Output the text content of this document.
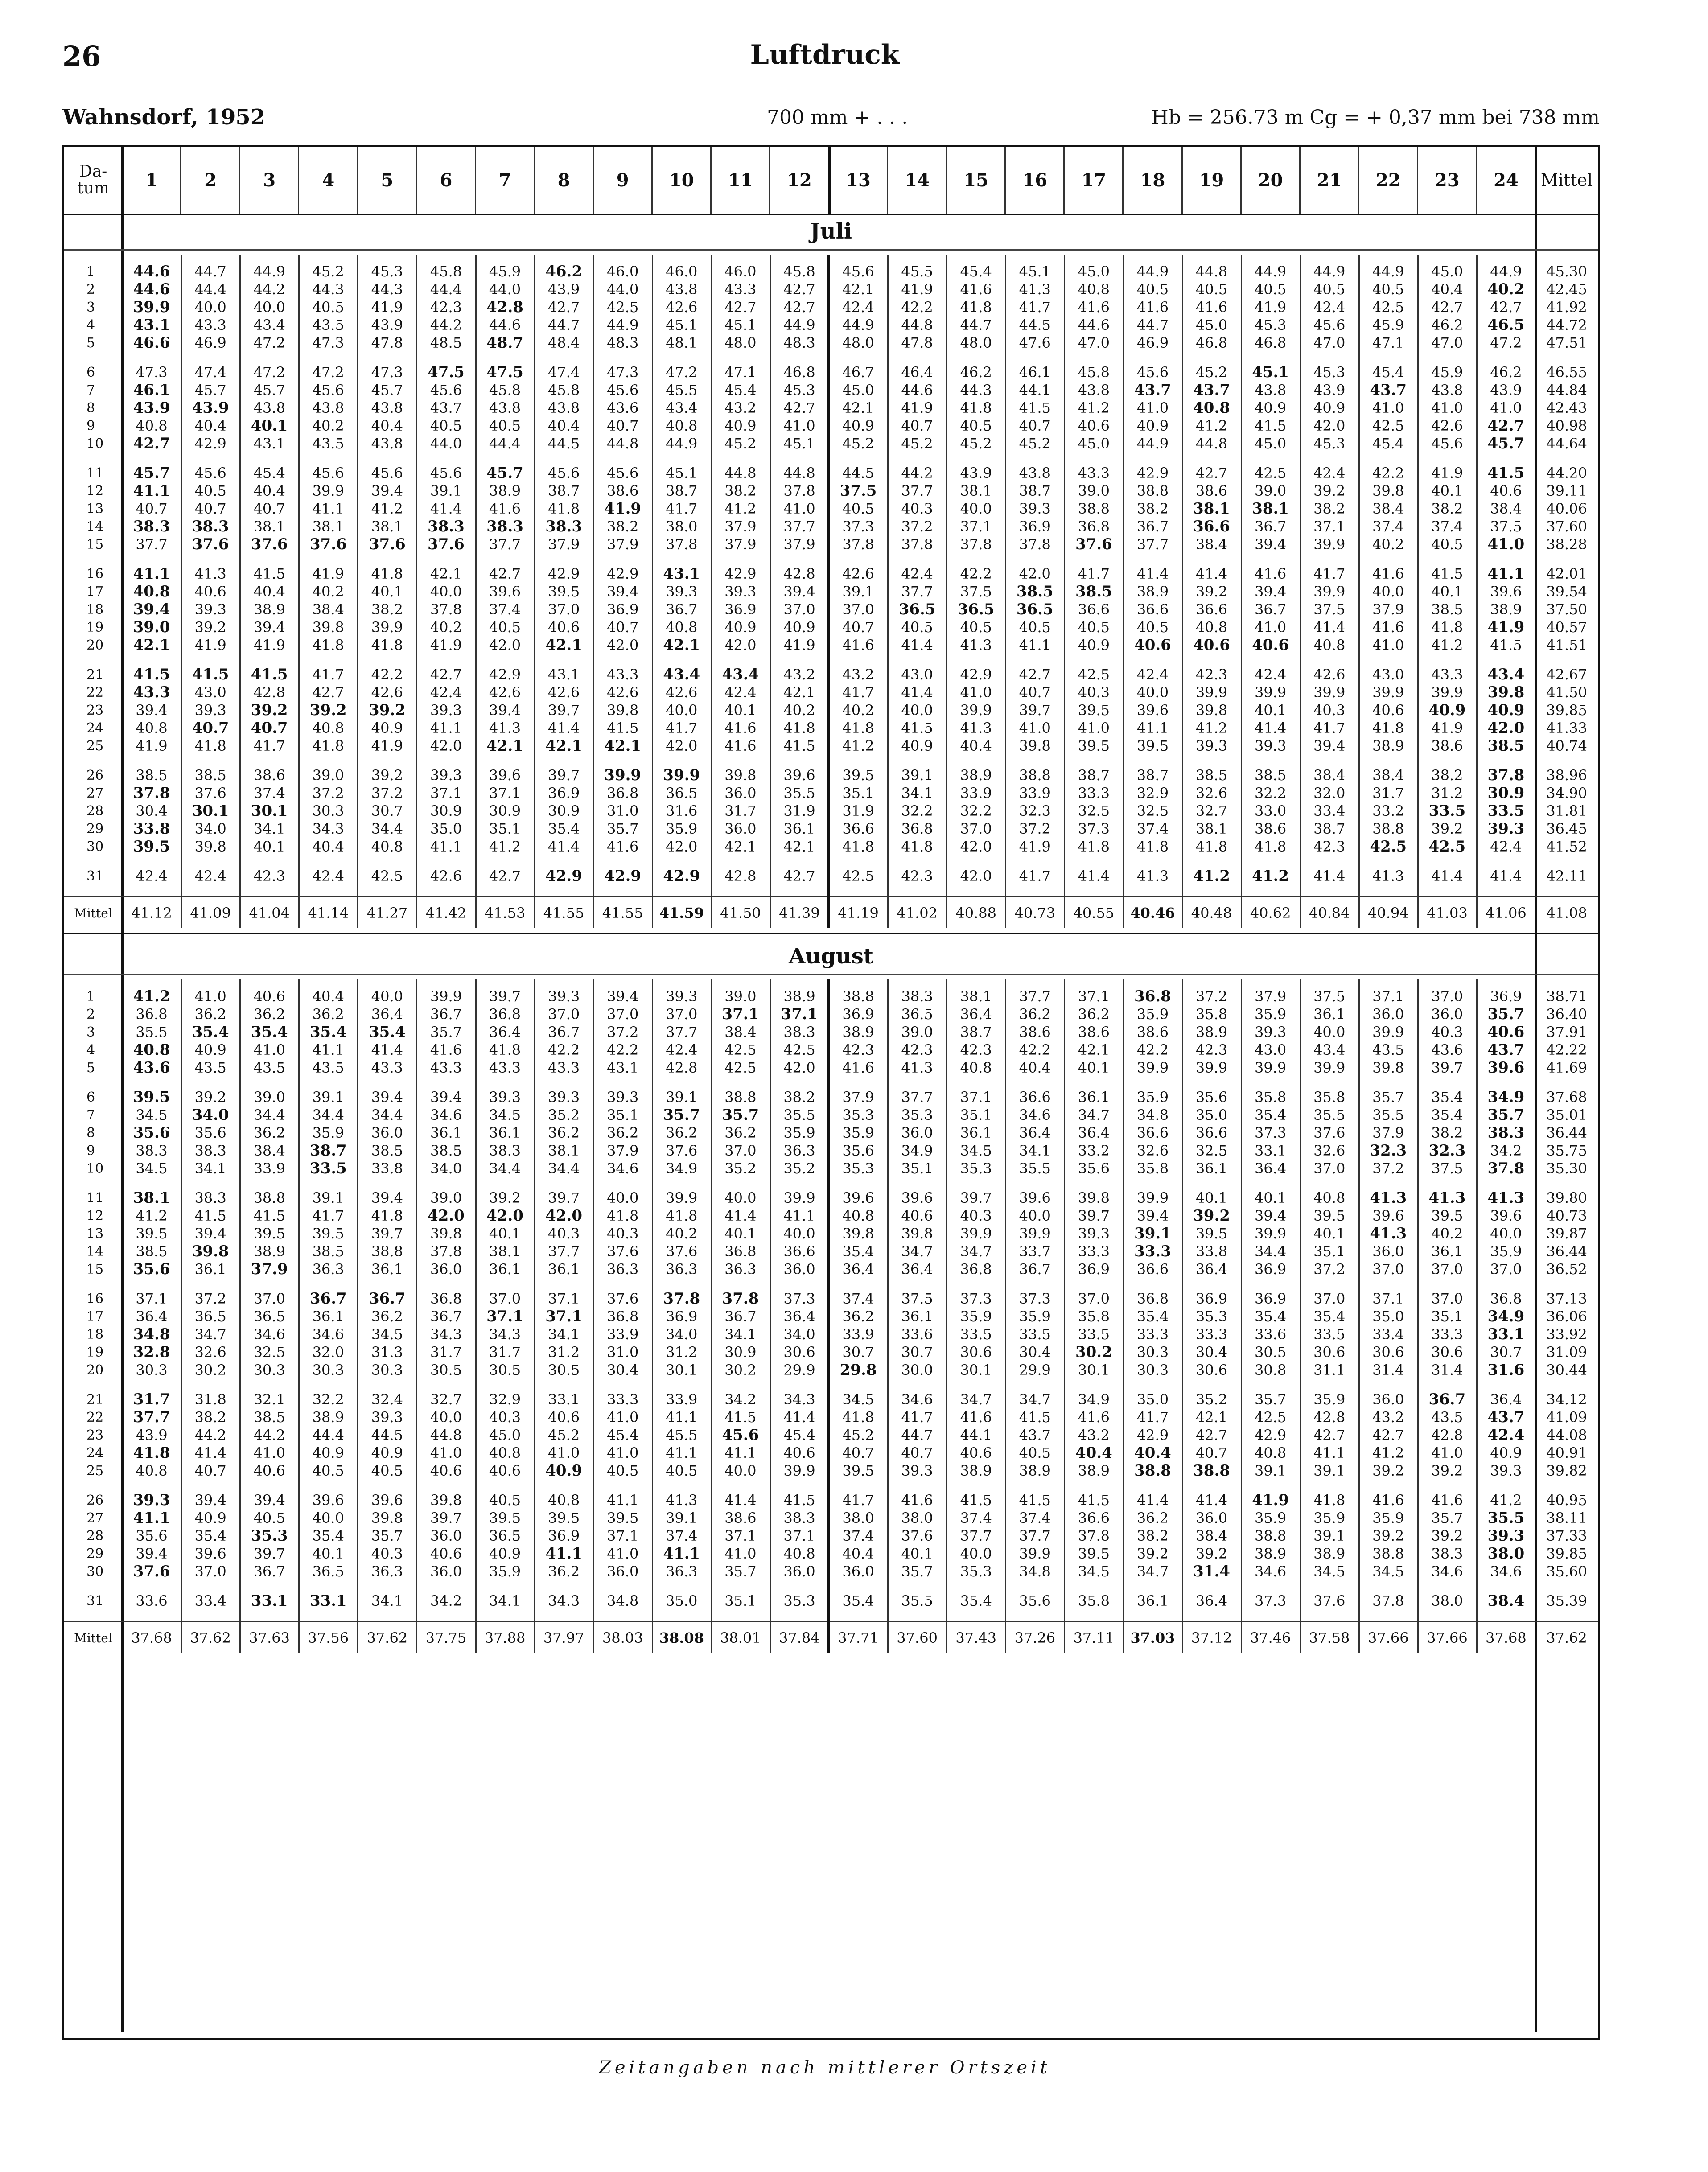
26	Luftdruck
Wahnsdorf, 1952	700 mm + . . .	Hb = 256.73 m Cg = + 0,37 mm bei 738 mm
Da-tum	1	2	3	4	5	6	7	8	9	10	11	12	13	14	15	16	17	18	19	20	21	22	23	24	Mittel
Juli
1	44.6	44.7	44.9	45.2	45.3	45.8	45.9	46.2	46.0	46.0	46.0	45.8	45.6	45.5	45.4	45.1	45.0	44.9	44.8	44.9	44.9	44.9	45.0	44.9	45.30
2	44.6	44.4	44.2	44.3	44.3	44.4	44.0	43.9	44.0	43.8	43.3	42.7	42.1	41.9	41.6	41.3	40.8	40.5	40.5	40.5	40.5	40.5	40.4	40.2	42.45
3	39.9	40.0	40.0	40.5	41.9	42.3	42.8	42.7	42.5	42.6	42.7	42.7	42.4	42.2	41.8	41.7	41.6	41.6	41.6	41.9	42.4	42.5	42.7	42.7	41.92
4	43.1	43.3	43.4	43.5	43.9	44.2	44.6	44.7	44.9	45.1	45.1	44.9	44.9	44.8	44.7	44.5	44.6	44.7	45.0	45.3	45.6	45.9	46.2	46.5	44.72
5	46.6	46.9	47.2	47.3	47.8	48.5	48.7	48.4	48.3	48.1	48.0	48.3	48.0	47.8	48.0	47.6	47.0	46.9	46.8	46.8	47.0	47.1	47.0	47.2	47.51
6	47.3	47.4	47.2	47.2	47.3	47.5	47.5	47.4	47.3	47.2	47.1	46.8	46.7	46.4	46.2	46.1	45.8	45.6	45.2	45.1	45.3	45.4	45.9	46.2	46.55
7	46.1	45.7	45.7	45.6	45.7	45.6	45.8	45.8	45.6	45.5	45.4	45.3	45.0	44.6	44.3	44.1	43.8	43.7	43.7	43.8	43.9	43.7	43.8	43.9	44.84
8	43.9	43.9	43.8	43.8	43.8	43.7	43.8	43.8	43.6	43.4	43.2	42.7	42.1	41.9	41.8	41.5	41.2	41.0	40.8	40.9	40.9	41.0	41.0	41.0	42.43
9	40.8	40.4	40.1	40.2	40.4	40.5	40.5	40.4	40.7	40.8	40.9	41.0	40.9	40.7	40.5	40.7	40.6	40.9	41.2	41.5	42.0	42.5	42.6	42.7	40.98
10	42.7	42.9	43.1	43.5	43.8	44.0	44.4	44.5	44.8	44.9	45.2	45.1	45.2	45.2	45.2	45.2	45.0	44.9	44.8	45.0	45.3	45.4	45.6	45.7	44.64
11	45.7	45.6	45.4	45.6	45.6	45.6	45.7	45.6	45.6	45.1	44.8	44.8	44.5	44.2	43.9	43.8	43.3	42.9	42.7	42.5	42.4	42.2	41.9	41.5	44.20
12	41.1	40.5	40.4	39.9	39.4	39.1	38.9	38.7	38.6	38.7	38.2	37.8	37.5	37.7	38.1	38.7	39.0	38.8	38.6	39.0	39.2	39.8	40.1	40.6	39.11
13	40.7	40.7	40.7	41.1	41.2	41.4	41.6	41.8	41.9	41.7	41.2	41.0	40.5	40.3	40.0	39.3	38.8	38.2	38.1	38.1	38.2	38.4	38.2	38.4	40.06
14	38.3	38.3	38.1	38.1	38.1	38.3	38.3	38.3	38.2	38.0	37.9	37.7	37.3	37.2	37.1	36.9	36.8	36.7	36.6	36.7	37.1	37.4	37.4	37.5	37.60
15	37.7	37.6	37.6	37.6	37.6	37.6	37.7	37.9	37.9	37.8	37.9	37.9	37.8	37.8	37.8	37.8	37.6	37.7	38.4	39.4	39.9	40.2	40.5	41.0	38.28
16	41.1	41.3	41.5	41.9	41.8	42.1	42.7	42.9	42.9	43.1	42.9	42.8	42.6	42.4	42.2	42.0	41.7	41.4	41.4	41.6	41.7	41.6	41.5	41.1	42.01
17	40.8	40.6	40.4	40.2	40.1	40.0	39.6	39.5	39.4	39.3	39.3	39.4	39.1	37.7	37.5	38.5	38.5	38.9	39.2	39.4	39.9	40.0	40.1	39.6	39.54
18	39.4	39.3	38.9	38.4	38.2	37.8	37.4	37.0	36.9	36.7	36.9	37.0	37.0	36.5	36.5	36.5	36.6	36.6	36.6	36.7	37.5	37.9	38.5	38.9	37.50
19	39.0	39.2	39.4	39.8	39.9	40.2	40.5	40.6	40.7	40.8	40.9	40.9	40.7	40.5	40.5	40.5	40.5	40.5	40.8	41.0	41.4	41.6	41.8	41.9	40.57
20	42.1	41.9	41.9	41.8	41.8	41.9	42.0	42.1	42.0	42.1	42.0	41.9	41.6	41.4	41.3	41.1	40.9	40.6	40.6	40.6	40.8	41.0	41.2	41.5	41.51
21	41.5	41.5	41.5	41.7	42.2	42.7	42.9	43.1	43.3	43.4	43.4	43.2	43.2	43.0	42.9	42.7	42.5	42.4	42.3	42.4	42.6	43.0	43.3	43.4	42.67
22	43.3	43.0	42.8	42.7	42.6	42.4	42.6	42.6	42.6	42.6	42.4	42.1	41.7	41.4	41.0	40.7	40.3	40.0	39.9	39.9	39.9	39.9	39.9	39.8	41.50
23	39.4	39.3	39.2	39.2	39.2	39.3	39.4	39.7	39.8	40.0	40.1	40.2	40.2	40.0	39.9	39.7	39.5	39.6	39.8	40.1	40.3	40.6	40.9	40.9	39.85
24	40.8	40.7	40.7	40.8	40.9	41.1	41.3	41.4	41.5	41.7	41.6	41.8	41.8	41.5	41.3	41.0	41.0	41.1	41.2	41.4	41.7	41.8	41.9	42.0	41.33
25	41.9	41.8	41.7	41.8	41.9	42.0	42.1	42.1	42.1	42.0	41.6	41.5	41.2	40.9	40.4	39.8	39.5	39.5	39.3	39.3	39.4	38.9	38.6	38.5	40.74
26	38.5	38.5	38.6	39.0	39.2	39.3	39.6	39.7	39.9	39.9	39.8	39.6	39.5	39.1	38.9	38.8	38.7	38.7	38.5	38.5	38.4	38.4	38.2	37.8	38.96
27	37.8	37.6	37.4	37.2	37.2	37.1	37.1	36.9	36.8	36.5	36.0	35.5	35.1	34.1	33.9	33.9	33.3	32.9	32.6	32.2	32.0	31.7	31.2	30.9	34.90
28	30.4	30.1	30.1	30.3	30.7	30.9	30.9	30.9	31.0	31.6	31.7	31.9	31.9	32.2	32.2	32.3	32.5	32.5	32.7	33.0	33.4	33.2	33.5	33.5	31.81
29	33.8	34.0	34.1	34.3	34.4	35.0	35.1	35.4	35.7	35.9	36.0	36.1	36.6	36.8	37.0	37.2	37.3	37.4	38.1	38.6	38.7	38.8	39.2	39.3	36.45
30	39.5	39.8	40.1	40.4	40.8	41.1	41.2	41.4	41.6	42.0	42.1	42.1	41.8	41.8	42.0	41.9	41.8	41.8	41.8	41.8	42.3	42.5	42.5	42.4	41.52
31	42.4	42.4	42.3	42.4	42.5	42.6	42.7	42.9	42.9	42.9	42.8	42.7	42.5	42.3	42.0	41.7	41.4	41.3	41.2	41.2	41.4	41.3	41.4	41.4	42.11
Mittel	41.12	41.09	41.04	41.14	41.27	41.42	41.53	41.55	41.55	41.59	41.50	41.39	41.19	41.02	40.88	40.73	40.55	40.46	40.48	40.62	40.84	40.94	41.03	41.06	41.08
August
1	41.2	41.0	40.6	40.4	40.0	39.9	39.7	39.3	39.4	39.3	39.0	38.9	38.8	38.3	38.1	37.7	37.1	36.8	37.2	37.9	37.5	37.1	37.0	36.9	38.71
2	36.8	36.2	36.2	36.2	36.4	36.7	36.8	37.0	37.0	37.0	37.1	37.1	36.9	36.5	36.4	36.2	36.2	35.9	35.8	35.9	36.1	36.0	36.0	35.7	36.40
3	35.5	35.4	35.4	35.4	35.4	35.7	36.4	36.7	37.2	37.7	38.4	38.3	38.9	39.0	38.7	38.6	38.6	38.6	38.9	39.3	40.0	39.9	40.3	40.6	37.91
4	40.8	40.9	41.0	41.1	41.4	41.6	41.8	42.2	42.2	42.4	42.5	42.5	42.3	42.3	42.3	42.2	42.1	42.2	42.3	43.0	43.4	43.5	43.6	43.7	42.22
5	43.6	43.5	43.5	43.5	43.3	43.3	43.3	43.3	43.1	42.8	42.5	42.0	41.6	41.3	40.8	40.4	40.1	39.9	39.9	39.9	39.9	39.8	39.7	39.6	41.69
6	39.5	39.2	39.0	39.1	39.4	39.4	39.3	39.3	39.3	39.1	38.8	38.2	37.9	37.7	37.1	36.6	36.1	35.9	35.6	35.8	35.8	35.7	35.4	34.9	37.68
7	34.5	34.0	34.4	34.4	34.4	34.6	34.5	35.2	35.1	35.7	35.7	35.5	35.3	35.3	35.1	34.6	34.7	34.8	35.0	35.4	35.5	35.5	35.4	35.7	35.01
8	35.6	35.6	36.2	35.9	36.0	36.1	36.1	36.2	36.2	36.2	36.2	35.9	35.9	36.0	36.1	36.4	36.4	36.6	36.6	37.3	37.6	37.9	38.2	38.3	36.44
9	38.3	38.3	38.4	38.7	38.5	38.5	38.3	38.1	37.9	37.6	37.0	36.3	35.6	34.9	34.5	34.1	33.2	32.6	32.5	33.1	32.6	32.3	32.3	34.2	35.75
10	34.5	34.1	33.9	33.5	33.8	34.0	34.4	34.4	34.6	34.9	35.2	35.2	35.3	35.1	35.3	35.5	35.6	35.8	36.1	36.4	37.0	37.2	37.5	37.8	35.30
11	38.1	38.3	38.8	39.1	39.4	39.0	39.2	39.7	40.0	39.9	40.0	39.9	39.6	39.6	39.7	39.6	39.8	39.9	40.1	40.1	40.8	41.3	41.3	41.3	39.80
12	41.2	41.5	41.5	41.7	41.8	42.0	42.0	42.0	41.8	41.8	41.4	41.1	40.8	40.6	40.3	40.0	39.7	39.4	39.2	39.4	39.5	39.6	39.5	39.6	40.73
13	39.5	39.4	39.5	39.5	39.7	39.8	40.1	40.3	40.3	40.2	40.1	40.0	39.8	39.8	39.9	39.9	39.3	39.1	39.5	39.9	40.1	41.3	40.2	40.0	39.87
14	38.5	39.8	38.9	38.5	38.8	37.8	38.1	37.7	37.6	37.6	36.8	36.6	35.4	34.7	34.7	33.7	33.3	33.3	33.8	34.4	35.1	36.0	36.1	35.9	36.44
15	35.6	36.1	37.9	36.3	36.1	36.0	36.1	36.1	36.3	36.3	36.3	36.0	36.4	36.4	36.8	36.7	36.9	36.6	36.4	36.9	37.2	37.0	37.0	37.0	36.52
16	37.1	37.2	37.0	36.7	36.7	36.8	37.0	37.1	37.6	37.8	37.8	37.3	37.4	37.5	37.3	37.3	37.0	36.8	36.9	36.9	37.0	37.1	37.0	36.8	37.13
17	36.4	36.5	36.5	36.1	36.2	36.7	37.1	37.1	36.8	36.9	36.7	36.4	36.2	36.1	35.9	35.9	35.8	35.4	35.3	35.4	35.4	35.0	35.1	34.9	36.06
18	34.8	34.7	34.6	34.6	34.5	34.3	34.3	34.1	33.9	34.0	34.1	34.0	33.9	33.6	33.5	33.5	33.5	33.3	33.3	33.6	33.5	33.4	33.3	33.1	33.92
19	32.8	32.6	32.5	32.0	31.3	31.7	31.7	31.2	31.0	31.2	30.9	30.6	30.7	30.7	30.6	30.4	30.2	30.3	30.4	30.5	30.6	30.6	30.6	30.7	31.09
20	30.3	30.2	30.3	30.3	30.3	30.5	30.5	30.5	30.4	30.1	30.2	29.9	29.8	30.0	30.1	29.9	30.1	30.3	30.6	30.8	31.1	31.4	31.4	31.6	30.44
21	31.7	31.8	32.1	32.2	32.4	32.7	32.9	33.1	33.3	33.9	34.2	34.3	34.5	34.6	34.7	34.7	34.9	35.0	35.2	35.7	35.9	36.0	36.7	36.4	34.12
22	37.7	38.2	38.5	38.9	39.3	40.0	40.3	40.6	41.0	41.1	41.5	41.4	41.8	41.7	41.6	41.5	41.6	41.7	42.1	42.5	42.8	43.2	43.5	43.7	41.09
23	43.9	44.2	44.2	44.4	44.5	44.8	45.0	45.2	45.4	45.5	45.6	45.4	45.2	44.7	44.1	43.7	43.2	42.9	42.7	42.9	42.7	42.7	42.8	42.4	44.08
24	41.8	41.4	41.0	40.9	40.9	41.0	40.8	41.0	41.0	41.1	41.1	40.6	40.7	40.7	40.6	40.5	40.4	40.4	40.7	40.8	41.1	41.2	41.0	40.9	40.91
25	40.8	40.7	40.6	40.5	40.5	40.6	40.6	40.9	40.5	40.5	40.0	39.9	39.5	39.3	38.9	38.9	38.9	38.8	38.8	39.1	39.1	39.2	39.2	39.3	39.82
26	39.3	39.4	39.4	39.6	39.6	39.8	40.5	40.8	41.1	41.3	41.4	41.5	41.7	41.6	41.5	41.5	41.5	41.4	41.4	41.9	41.8	41.6	41.6	41.2	40.95
27	41.1	40.9	40.5	40.0	39.8	39.7	39.5	39.5	39.5	39.1	38.6	38.3	38.0	38.0	37.4	37.4	36.6	36.2	36.0	35.9	35.9	35.9	35.7	35.5	38.11
28	35.6	35.4	35.3	35.4	35.7	36.0	36.5	36.9	37.1	37.4	37.1	37.1	37.4	37.6	37.7	37.7	37.8	38.2	38.4	38.8	39.1	39.2	39.2	39.3	37.33
29	39.4	39.6	39.7	40.1	40.3	40.6	40.9	41.1	41.0	41.1	41.0	40.8	40.4	40.1	40.0	39.9	39.5	39.2	39.2	38.9	38.9	38.8	38.3	38.0	39.85
30	37.6	37.0	36.7	36.5	36.3	36.0	35.9	36.2	36.0	36.3	35.7	36.0	36.0	35.7	35.3	34.8	34.5	34.7	31.4	34.6	34.5	34.5	34.6	34.6	35.60
31	33.6	33.4	33.1	33.1	34.1	34.2	34.1	34.3	34.8	35.0	35.1	35.3	35.4	35.5	35.4	35.6	35.8	36.1	36.4	37.3	37.6	37.8	38.0	38.4	35.39
Mittel	37.68	37.62	37.63	37.56	37.62	37.75	37.88	37.97	38.03	38.08	38.01	37.84	37.71	37.60	37.43	37.26	37.11	37.03	37.12	37.46	37.58	37.66	37.66	37.68	37.62
Zeitangaben nach mittlerer Ortszeit
